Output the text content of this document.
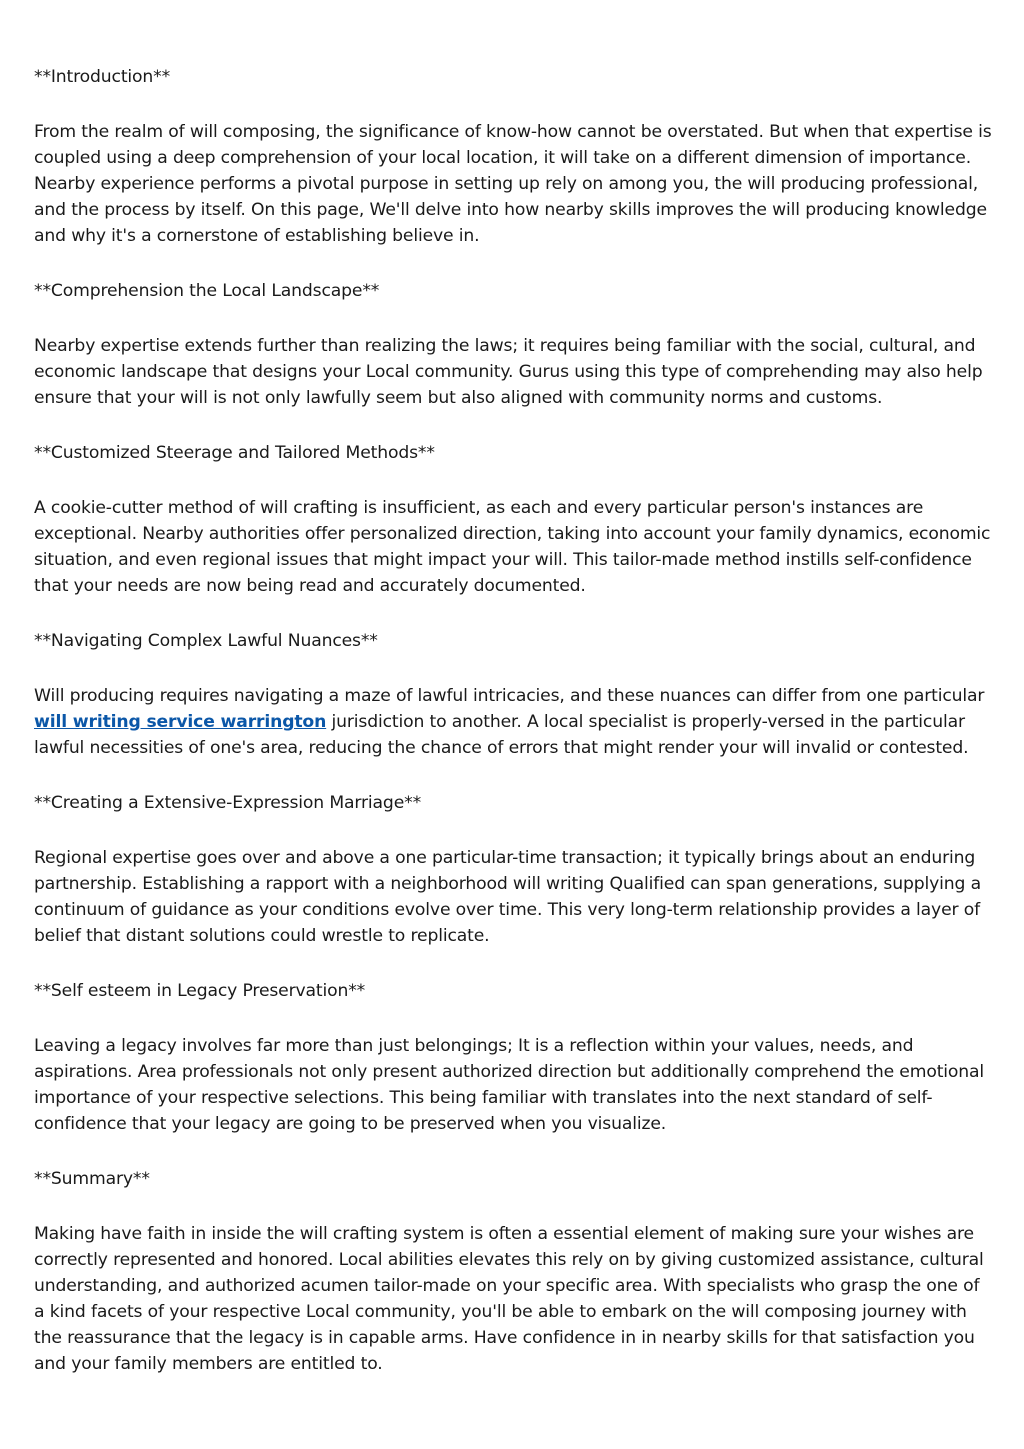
**Introduction**

From the realm of will composing, the significance of know-how cannot be overstated. But when that expertise is coupled using a deep comprehension of your local location, it will take on a different dimension of importance. Nearby experience performs a pivotal purpose in setting up rely on among you, the will producing professional, and the process by itself. On this page, We'll delve into how nearby skills improves the will producing knowledge and why it's a cornerstone of establishing believe in.

**Comprehension the Local Landscape**

Nearby expertise extends further than realizing the laws; it requires being familiar with the social, cultural, and economic landscape that designs your Local community. Gurus using this type of comprehending may also help ensure that your will is not only lawfully seem but also aligned with community norms and customs.

**Customized Steerage and Tailored Methods**

A cookie-cutter method of will crafting is insufficient, as each and every particular person's instances are exceptional. Nearby authorities offer personalized direction, taking into account your family dynamics, economic situation, and even regional issues that might impact your will. This tailor-made method instills self-confidence that your needs are now being read and accurately documented.

**Navigating Complex Lawful Nuances**

Will producing requires navigating a maze of lawful intricacies, and these nuances can differ from one particular will writing service warrington jurisdiction to another. A local specialist is properly-versed in the particular lawful necessities of one's area, reducing the chance of errors that might render your will invalid or contested.

**Creating a Extensive-Expression Marriage**

Regional expertise goes over and above a one particular-time transaction; it typically brings about an enduring partnership. Establishing a rapport with a neighborhood will writing Qualified can span generations, supplying a continuum of guidance as your conditions evolve over time. This very long-term relationship provides a layer of belief that distant solutions could wrestle to replicate.

**Self esteem in Legacy Preservation**

Leaving a legacy involves far more than just belongings; It is a reflection within your values, needs, and aspirations. Area professionals not only present authorized direction but additionally comprehend the emotional importance of your respective selections. This being familiar with translates into the next standard of self-confidence that your legacy are going to be preserved when you visualize.

**Summary**

Making have faith in inside the will crafting system is often a essential element of making sure your wishes are correctly represented and honored. Local abilities elevates this rely on by giving customized assistance, cultural understanding, and authorized acumen tailor-made on your specific area. With specialists who grasp the one of a kind facets of your respective Local community, you'll be able to embark on the will composing journey with the reassurance that the legacy is in capable arms. Have confidence in in nearby skills for that satisfaction you and your family members are entitled to.
